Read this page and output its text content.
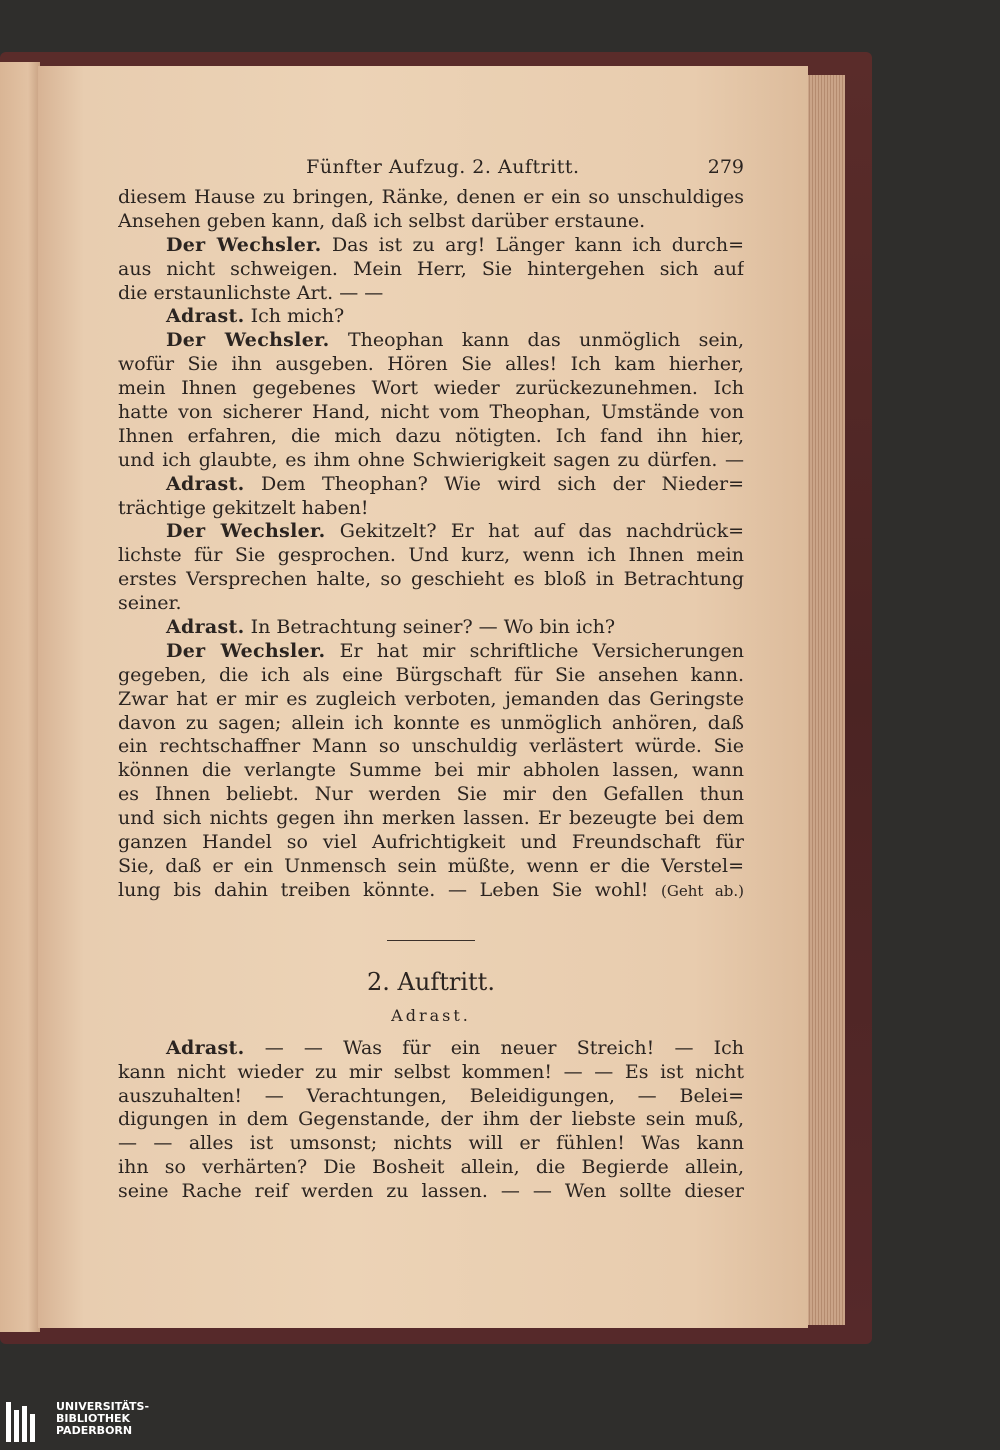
Fünfter Aufzug. 2. Auftritt.	279
diesem Hause zu bringen, Ränke, denen er ein so unschuldiges
Ansehen geben kann, daß ich selbst darüber erstaune.
Der Wechsler. Das ist zu arg! Länger kann ich durch=
aus nicht schweigen. Mein Herr, Sie hintergehen sich auf
die erstaunlichste Art. — —
Adrast. Ich mich?
Der Wechsler. Theophan kann das unmöglich sein,
wofür Sie ihn ausgeben. Hören Sie alles! Ich kam hierher,
mein Ihnen gegebenes Wort wieder zurückezunehmen. Ich
hatte von sicherer Hand, nicht vom Theophan, Umstände von
Ihnen erfahren, die mich dazu nötigten. Ich fand ihn hier,
und ich glaubte, es ihm ohne Schwierigkeit sagen zu dürfen. —
Adrast. Dem Theophan? Wie wird sich der Nieder=
trächtige gekitzelt haben!
Der Wechsler. Gekitzelt? Er hat auf das nachdrück=
lichste für Sie gesprochen. Und kurz, wenn ich Ihnen mein
erstes Versprechen halte, so geschieht es bloß in Betrachtung
seiner.
Adrast. In Betrachtung seiner? — Wo bin ich?
Der Wechsler. Er hat mir schriftliche Versicherungen
gegeben, die ich als eine Bürgschaft für Sie ansehen kann.
Zwar hat er mir es zugleich verboten, jemanden das Geringste
davon zu sagen; allein ich konnte es unmöglich anhören, daß
ein rechtschaffner Mann so unschuldig verlästert würde. Sie
können die verlangte Summe bei mir abholen lassen, wann
es Ihnen beliebt. Nur werden Sie mir den Gefallen thun
und sich nichts gegen ihn merken lassen. Er bezeugte bei dem
ganzen Handel so viel Aufrichtigkeit und Freundschaft für
Sie, daß er ein Unmensch sein müßte, wenn er die Verstel=
lung bis dahin treiben könnte. — Leben Sie wohl! (Geht ab.)
2. Auftritt.
Adrast.
Adrast. — — Was für ein neuer Streich! — Ich
kann nicht wieder zu mir selbst kommen! — — Es ist nicht
auszuhalten! — Verachtungen, Beleidigungen, — Belei=
digungen in dem Gegenstande, der ihm der liebste sein muß,
— — alles ist umsonst; nichts will er fühlen! Was kann
ihn so verhärten? Die Bosheit allein, die Begierde allein,
seine Rache reif werden zu lassen. — — Wen sollte dieser
UNIVERSITÄTS-
BIBLIOTHEK
PADERBORN
